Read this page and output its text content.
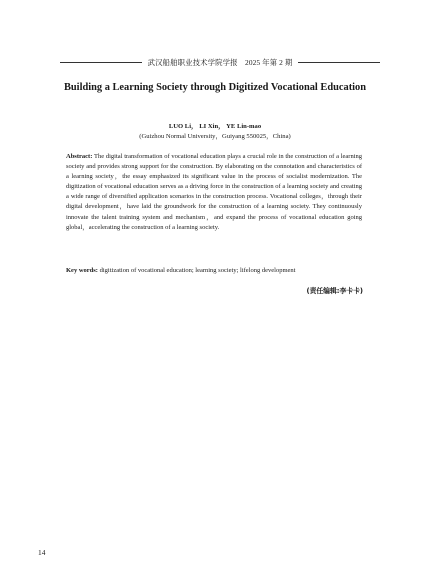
武汉船舶职业技术学院学报　2025 年第 2 期
Building a Learning Society through Digitized Vocational Education
LUO Li， LI Xin， YE Lin-mao
(Guizhou Normal University，Guiyang 550025，China)

Abstract: The digital transformation of vocational education plays a crucial role in the construction of a learning society and provides strong support for the construction. By elaborating on the connotation and characteristics of a learning society，the essay emphasized its significant value in the process of socialist modernization. The digitization of vocational education serves as a driving force in the construction of a learning society and creating a wide range of diversified application scenarios in the construction process. Vocational colleges，through their digital development，have laid the groundwork for the construction of a learning society. They continuously innovate the talent training system and mechanism，and expand the process of vocational education going global，accelerating the construction of a learning society.

Key words: digitization of vocational education; learning society; lifelong development

(责任编辑:李卡卡)
14
